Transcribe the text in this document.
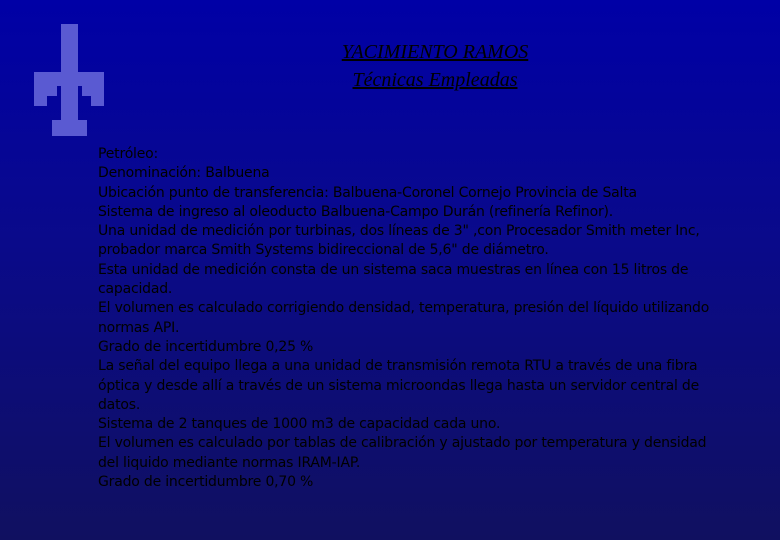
YACIMIENTO RAMOS
Técnicas Empleadas
Petróleo:
Denominación: Balbuena
Ubicación punto de transferencia: Balbuena-Coronel Cornejo Provincia de Salta
Sistema de ingreso al oleoducto Balbuena-Campo Durán (refinería Refinor).
Una unidad de medición por turbinas, dos líneas de 3" ,con Procesador Smith meter Inc,
probador marca Smith Systems bidireccional de 5,6" de diámetro.
Esta unidad de medición consta de un sistema saca muestras en línea con 15 litros de
capacidad.
El volumen es calculado corrigiendo densidad, temperatura, presión del líquido utilizando
normas API.
Grado de incertidumbre 0,25 %
La señal del equipo llega a una unidad de transmisión remota RTU a través de una fibra
óptica y desde allí a través de un sistema microondas llega hasta un servidor central de
datos.
Sistema de 2 tanques de 1000 m3 de capacidad cada uno.
El volumen es calculado por tablas de calibración y ajustado por temperatura y densidad
del liquido mediante normas IRAM-IAP.
Grado de incertidumbre 0,70 %
